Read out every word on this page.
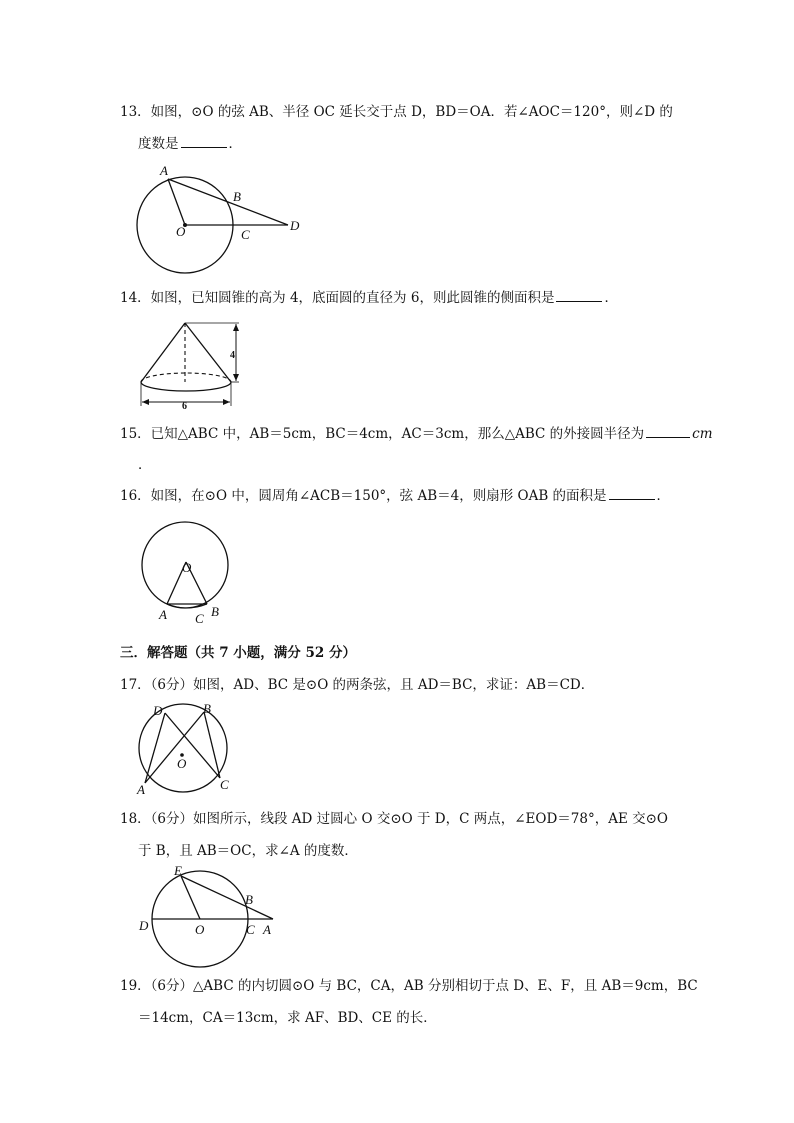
13．如图，⊙O 的弦 AB、半径 OC 延长交于点 D，BD＝OA．若∠AOC＝120°，则∠D 的
度数是	．
A
B
O	C
D
14．如图，已知圆锥的高为 4，底面圆的直径为 6，则此圆锥的侧面积是	．
4
6
15．已知△ABC 中，AB＝5cm，BC＝4cm，AC＝3cm，那么△ABC 的外接圆半径为	cm
．
16．如图，在⊙O 中，圆周角∠ACB＝150°，弦 AB＝4，则扇形 OAB 的面积是	．
O
A	B
C
三．解答题（共 7 小题，满分 52 分）
17．（6分）如图，AD、BC 是⊙O 的两条弦，且 AD＝BC，求证：AB＝CD．
D	B
O
A	C
18．（6分）如图所示，线段 AD 过圆心 O 交⊙O 于 D，C 两点，∠EOD＝78°，AE 交⊙O
于 B，且 AB＝OC，求∠A 的度数．
E
B
D	O	C A
19．（6分）△ABC 的内切圆⊙O 与 BC，CA，AB 分别相切于点 D、E、F，且 AB＝9cm，BC
＝14cm，CA＝13cm，求 AF、BD、CE 的长．
